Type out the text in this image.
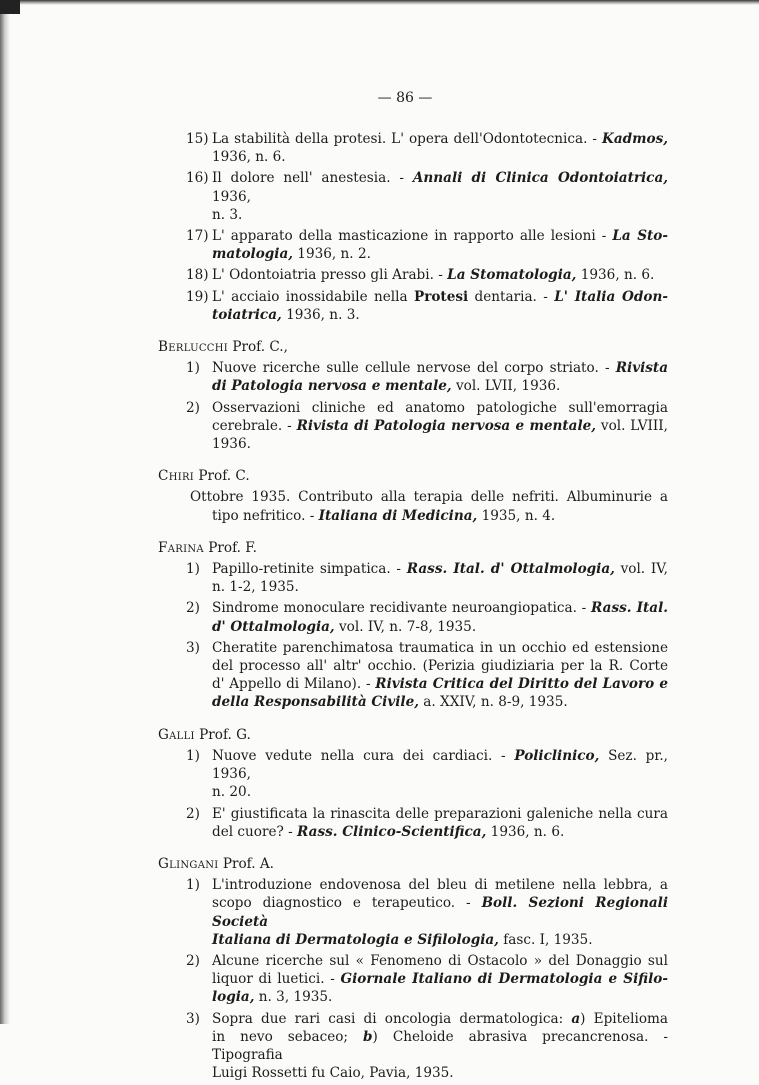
— 86 —
15) La stabilità della protesi. L' opera dell'Odontotecnica. - Kadmos,
1936, n. 6.
16) Il dolore nell' anestesia. - Annali di Clinica Odontoiatrica, 1936,
n. 3.
17) L' apparato della masticazione in rapporto alle lesioni - La Sto-
matologia, 1936, n. 2.
18) L' Odontoiatria presso gli Arabi. - La Stomatologia, 1936, n. 6.
19) L' acciaio inossidabile nella Protesi dentaria. - L' Italia Odon-
toiatrica, 1936, n. 3.
Berlucchi Prof. C.,
1) Nuove ricerche sulle cellule nervose del corpo striato. - Rivista
di Patologia nervosa e mentale, vol. LVII, 1936.
2) Osservazioni cliniche ed anatomo patologiche sull'emorragia
cerebrale. - Rivista di Patologia nervosa e mentale, vol. LVIII,
1936.
Chiri Prof. C.
Ottobre 1935. Contributo alla terapia delle nefriti. Albuminurie a
tipo nefritico. - Italiana di Medicina, 1935, n. 4.
Farina Prof. F.
1) Papillo-retinite simpatica. - Rass. Ital. d' Ottalmologia, vol. IV,
n. 1-2, 1935.
2) Sindrome monoculare recidivante neuroangiopatica. - Rass. Ital.
d' Ottalmologia, vol. IV, n. 7-8, 1935.
3) Cheratite parenchimatosa traumatica in un occhio ed estensione
del processo all' altr' occhio. (Perizia giudiziaria per la R. Corte
d' Appello di Milano). - Rivista Critica del Diritto del Lavoro e
della Responsabilità Civile, a. XXIV, n. 8-9, 1935.
Galli Prof. G.
1) Nuove vedute nella cura dei cardiaci. - Policlinico, Sez. pr., 1936,
n. 20.
2) E' giustificata la rinascita delle preparazioni galeniche nella cura
del cuore? - Rass. Clinico-Scientifica, 1936, n. 6.
Glingani Prof. A.
1) L'introduzione endovenosa del bleu di metilene nella lebbra, a
scopo diagnostico e terapeutico. - Boll. Sezioni Regionali Società
Italiana di Dermatologia e Sifilologia, fasc. I, 1935.
2) Alcune ricerche sul « Fenomeno di Ostacolo » del Donaggio sul
liquor di luetici. - Giornale Italiano di Dermatologia e Sifilo-
logia, n. 3, 1935.
3) Sopra due rari casi di oncologia dermatologica: a) Epitelioma
in nevo sebaceo; b) Cheloide abrasiva precancrenosa. - Tipografia
Luigi Rossetti fu Caio, Pavia, 1935.
